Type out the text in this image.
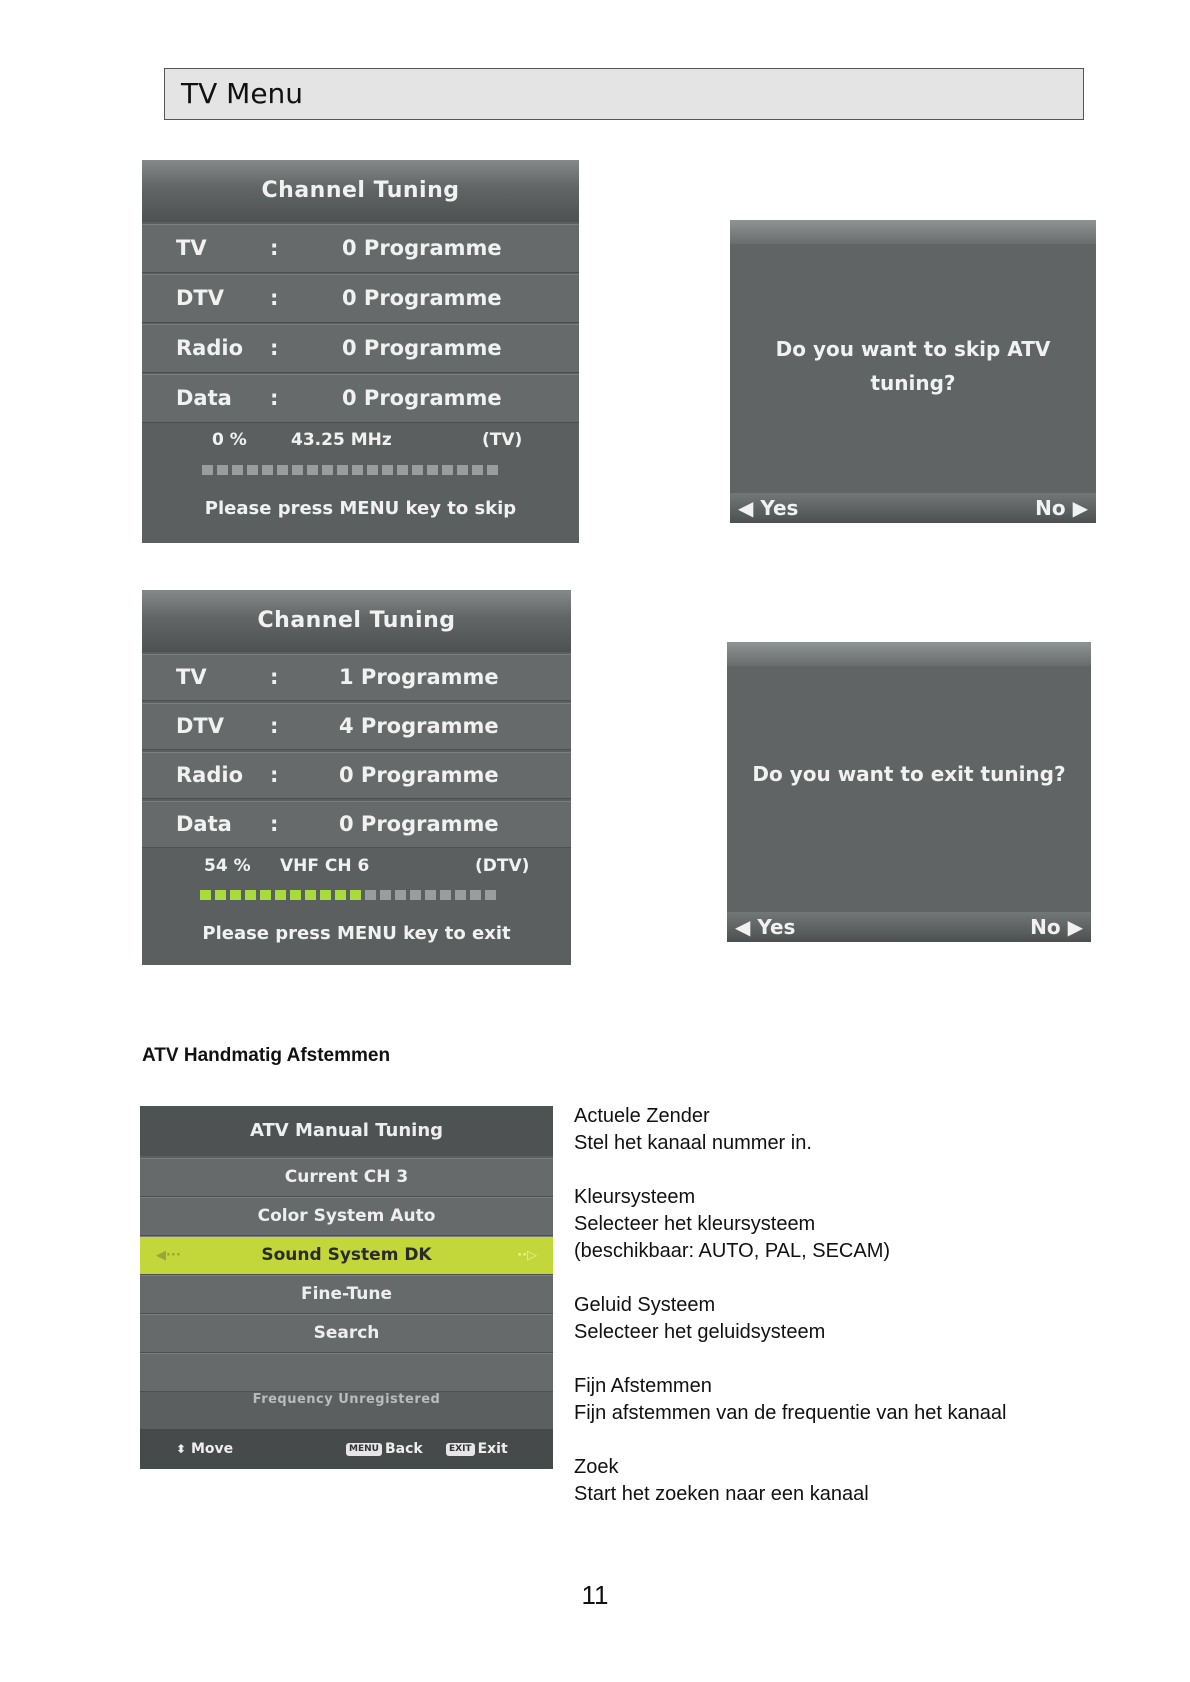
TV Menu
Channel Tuning
TV	:	0 Programme
DTV :	0 Programme
Radio :	0 Programme
Data :	0 Programme
0 %	43.25 MHz	(TV)
Please press MENU key to skip
Do you want to skip ATV tuning?
◀ Yes	No ▶
Channel Tuning
TV	:	1 Programme
DTV :	4 Programme
Radio :	0 Programme
Data :	0 Programme
54 % VHF CH 6	(DTV)
Please press MENU key to exit
Do you want to exit tuning?
◀ Yes	No ▶
ATV Handmatig Afstemmen
ATV Manual Tuning
Current CH 3
Color System Auto
◀···	Sound System DK	··▷
Fine-Tune
Search
Frequency Unregistered
⬍ Move	MENU Back	EXIT Exit
Actuele Zender
Stel het kanaal nummer in.
Kleursysteem
Selecteer het kleursysteem
(beschikbaar: AUTO, PAL, SECAM)
Geluid Systeem
Selecteer het geluidsysteem
Fijn Afstemmen
Fijn afstemmen van de frequentie van het kanaal
Zoek
Start het zoeken naar een kanaal
11
